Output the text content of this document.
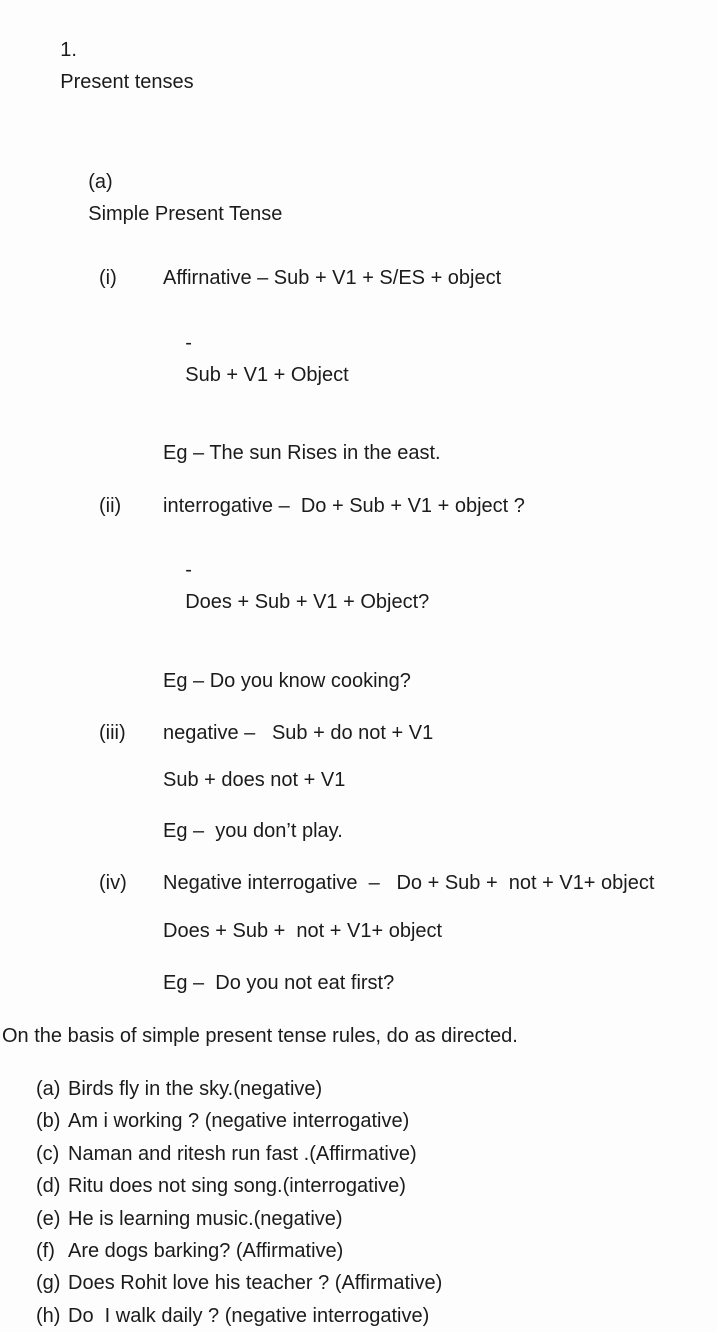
1.
Present tenses

(a)
Simple Present Tense

(i)	Affirnative – Sub + V1 + S/ES + object

-
Sub + V1 + Object

Eg – The sun Rises in the east.
(ii)	interrogative –  Do + Sub + V1 + object ?

-
Does + Sub + V1 + Object?

Eg – Do you know cooking?
(iii)	negative –   Sub + do not + V1
Sub + does not + V1
Eg –  you don’t play.
(iv)	Negative interrogative  –   Do + Sub +  not + V1+ object
Does + Sub +  not + V1+ object
Eg –  Do you not eat first?
On the basis of simple present tense rules, do as directed.
(a) Birds fly in the sky.(negative)
(b) Am i working ? (negative interrogative)
(c) Naman and ritesh run fast .(Affirmative)
(d) Ritu does not sing song.(interrogative)
(e) He is learning music.(negative)
(f) Are dogs barking? (Affirmative)
(g) Does Rohit love his teacher ? (Affirmative)
(h) Do  I walk daily ? (negative interrogative)
